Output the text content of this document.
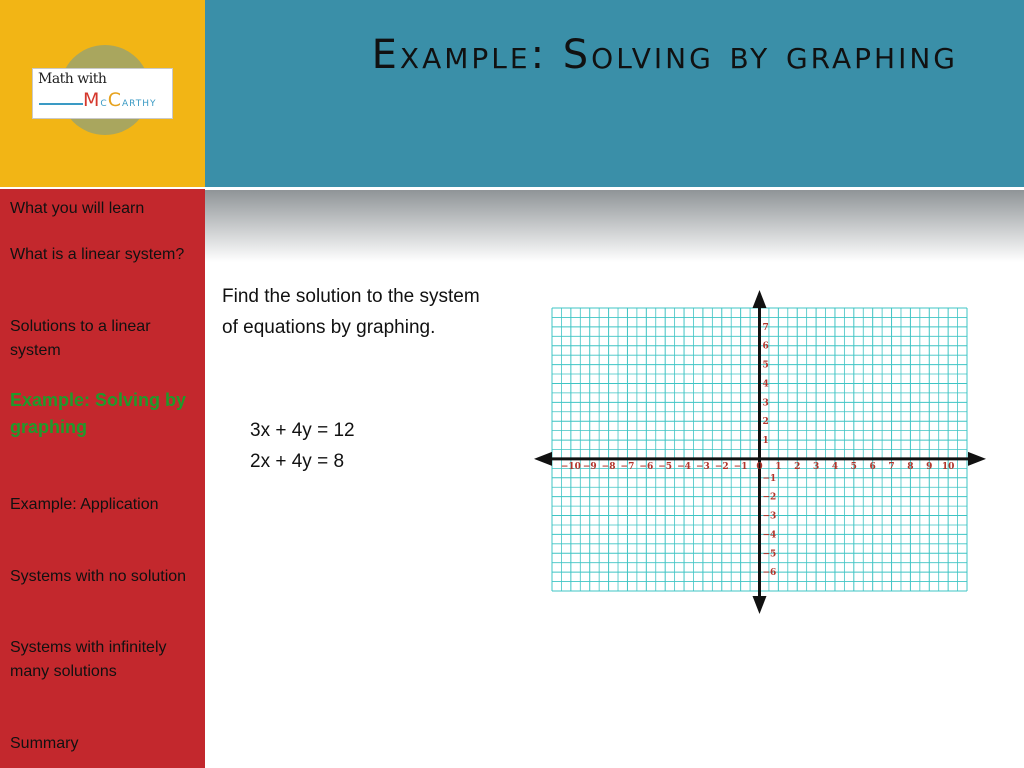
Math with
MCCARTHY
Example: Solving by graphing
What you will learn
What is a linear system?
Solutions to a linear system
Example: Solving by graphing
Example: Application
Systems with no solution
Systems with infinitely many solutions
Summary

Find the solution to the system of equations by graphing.

3x + 4y = 12
2x + 4y = 8	−10 −9 −8 −7 −6 −5 −4 −3 −2 −1 0 1 2 3 4 5 6 7 8 9 10
−6
−5
−4
−3
−2
−1
1
2
3
4
5
6
7
